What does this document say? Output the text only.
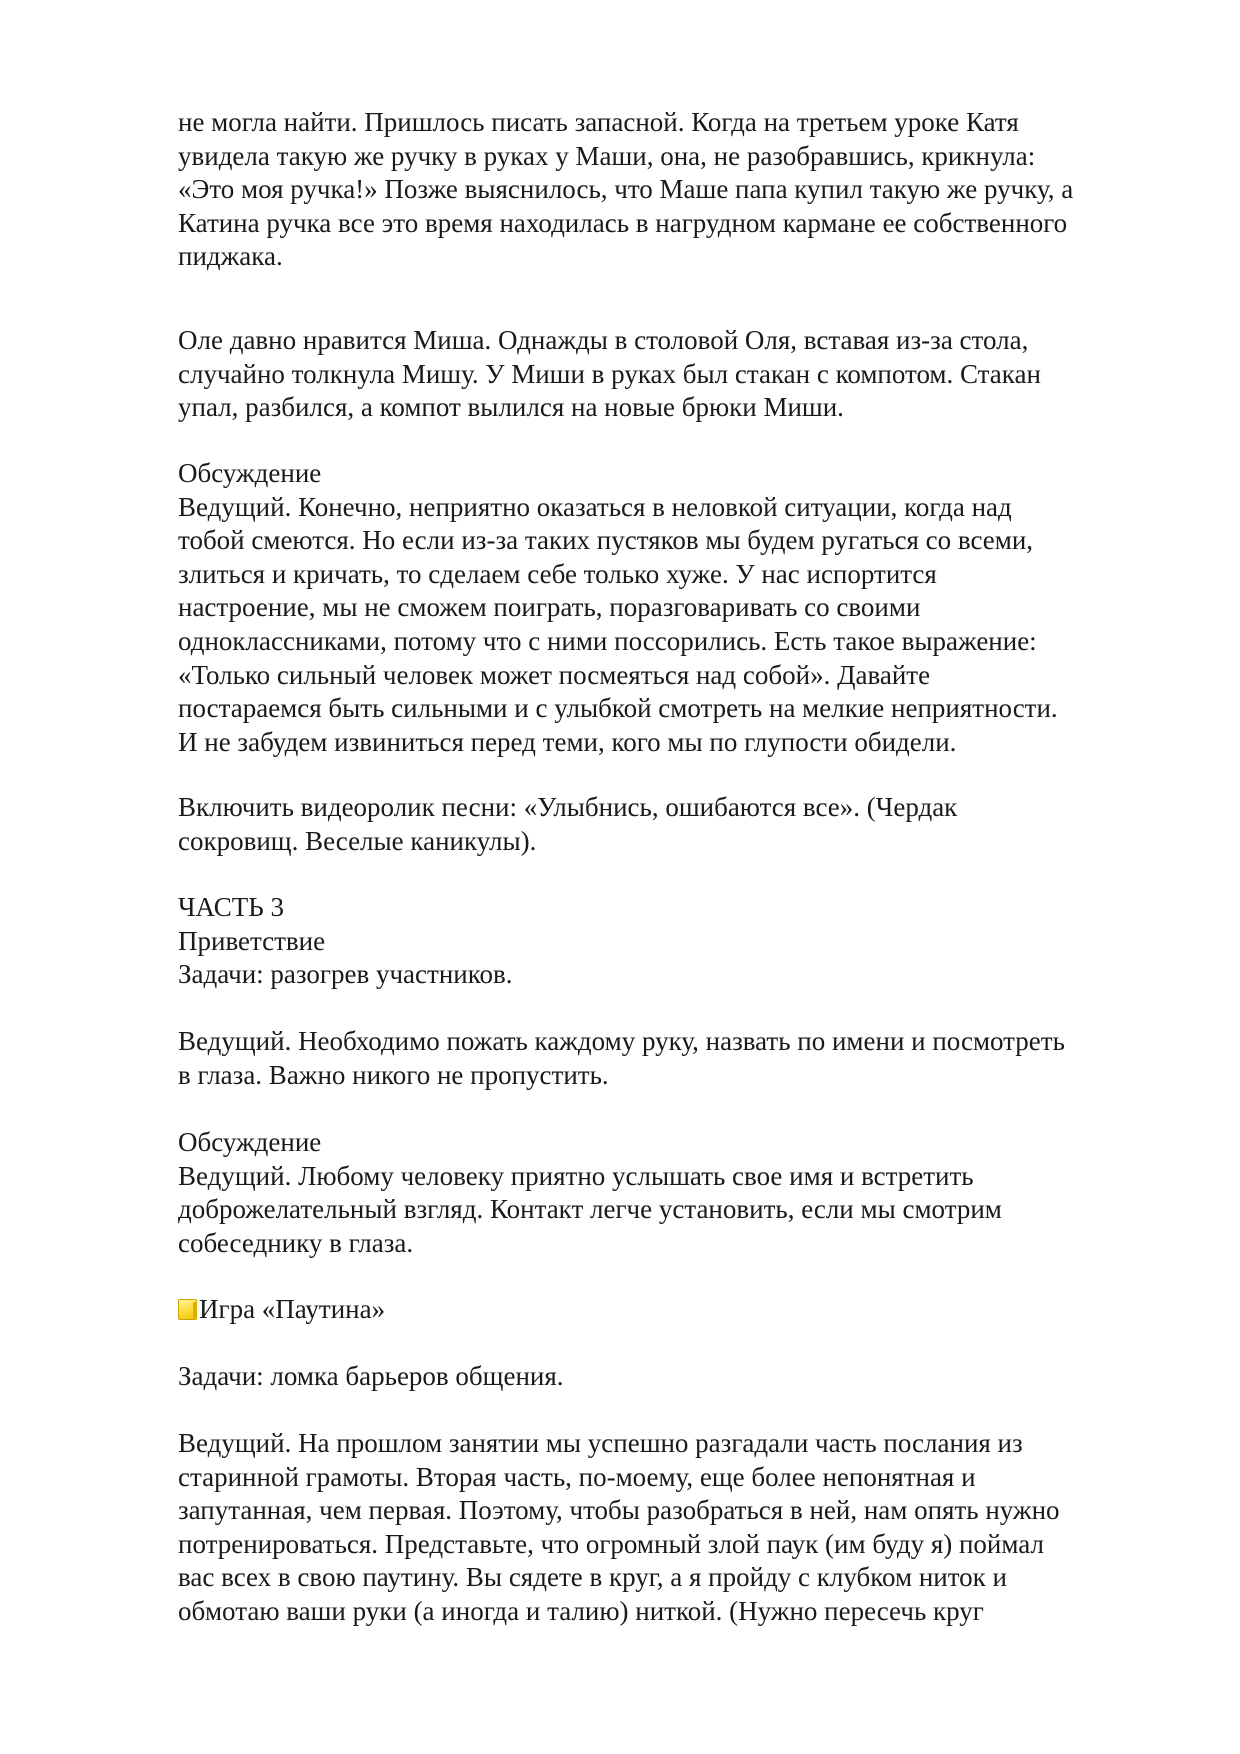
не могла найти. Пришлось писать запасной. Когда на третьем уроке Катя
увидела такую же ручку в руках у Маши, она, не разобравшись, крикнула:
«Это моя ручка!» Позже выяснилось, что Маше папа купил такую же ручку, а
Катина ручка все это время находилась в нагрудном кармане ее собственного
пиджака.
Оле давно нравится Миша. Однажды в столовой Оля, вставая из-за стола,
случайно толкнула Мишу. У Миши в руках был стакан с компотом. Стакан
упал, разбился, а компот вылился на новые брюки Миши.
Обсуждение
Ведущий. Конечно, неприятно оказаться в неловкой ситуации, когда над
тобой смеются. Но если из-за таких пустяков мы будем ругаться со всеми,
злиться и кричать, то сделаем себе только хуже. У нас испортится
настроение, мы не сможем поиграть, поразговаривать со своими
одноклассниками, потому что с ними поссорились. Есть такое выражение:
«Только сильный человек может посмеяться над собой». Давайте
постараемся быть сильными и с улыбкой смотреть на мелкие неприятности.
И не забудем извиниться перед теми, кого мы по глупости обидели.
Включить видеоролик песни: «Улыбнись, ошибаются все». (Чердак
сокровищ. Веселые каникулы).
ЧАСТЬ 3
Приветствие
Задачи: разогрев участников.
Ведущий. Необходимо пожать каждому руку, назвать по имени и посмотреть
в глаза. Важно никого не пропустить.
Обсуждение
Ведущий. Любому человеку приятно услышать свое имя и встретить
доброжелательный взгляд. Контакт легче установить, если мы смотрим
собеседнику в глаза.
Игра «Паутина»
Задачи: ломка барьеров общения.
Ведущий. На прошлом занятии мы успешно разгадали часть послания из
старинной грамоты. Вторая часть, по-моему, еще более непонятная и
запутанная, чем первая. Поэтому, чтобы разобраться в ней, нам опять нужно
потренироваться. Представьте, что огромный злой паук (им буду я) поймал
вас всех в свою паутину. Вы сядете в круг, а я пройду с клубком ниток и
обмотаю ваши руки (а иногда и талию) ниткой. (Нужно пересечь круг
